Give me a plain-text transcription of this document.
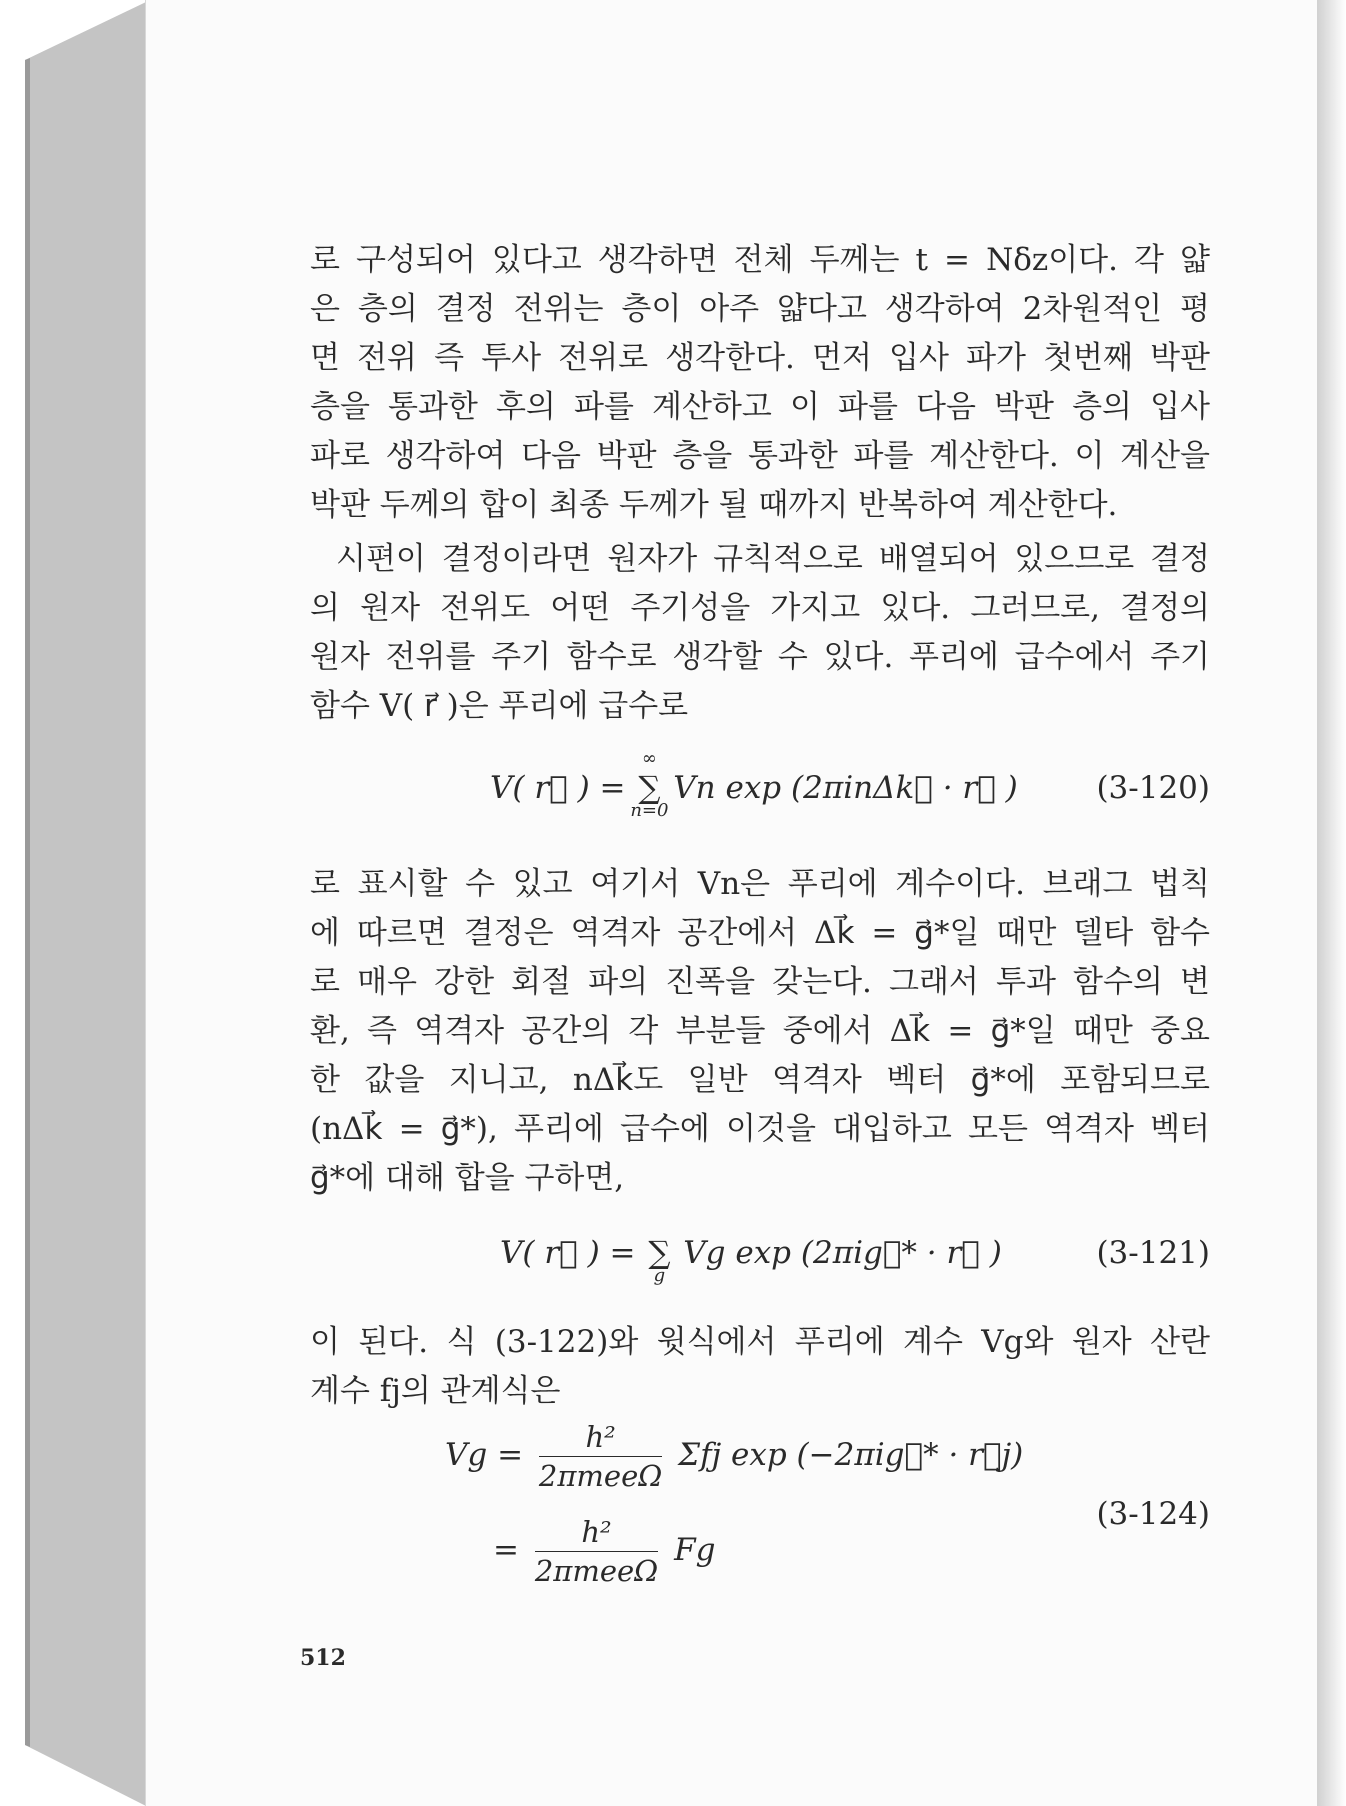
로 구성되어 있다고 생각하면 전체 두께는 t = Nδz이다. 각 얇
은 층의 결정 전위는 층이 아주 얇다고 생각하여 2차원적인 평
면 전위 즉 투사 전위로 생각한다. 먼저 입사 파가 첫번째 박판
층을 통과한 후의 파를 계산하고 이 파를 다음 박판 층의 입사
파로 생각하여 다음 박판 층을 통과한 파를 계산한다. 이 계산을
박판 두께의 합이 최종 두께가 될 때까지 반복하여 계산한다.
시편이 결정이라면 원자가 규칙적으로 배열되어 있으므로 결정
의 원자 전위도 어떤 주기성을 가지고 있다. 그러므로, 결정의
원자 전위를 주기 함수로 생각할 수 있다. 푸리에 급수에서 주기
함수 V( r⃗ )은 푸리에 급수로
V( r⃗ ) = ∑
∞
n=0
Vn exp (2πinΔk⃗ · r⃗ )	(3-120)
로 표시할 수 있고 여기서 Vn은 푸리에 계수이다. 브래그 법칙
에 따르면 결정은 역격자 공간에서 Δk⃗ = g⃗*일 때만 델타 함수
로 매우 강한 회절 파의 진폭을 갖는다. 그래서 투과 함수의 변
환, 즉 역격자 공간의 각 부분들 중에서 Δk⃗ = g⃗*일 때만 중요
한 값을 지니고, nΔk⃗도 일반 역격자 벡터 g⃗*에 포함되므로
(nΔk⃗ = g⃗*), 푸리에 급수에 이것을 대입하고 모든 역격자 벡터
g⃗*에 대해 합을 구하면,
V( r⃗ ) = ∑
g
Vg exp (2πig⃗* · r⃗ )	(3-121)
이 된다. 식 (3-122)와 윗식에서 푸리에 계수 Vg와 원자 산란
계수 fj의 관계식은
$Vg = \frac{\text{h²}}{\text{2πmeeΩ}}$ Σfj exp (−2πig⃗* · r⃗j)
= $\frac{\text{h²}}{\text{2πmeeΩ}}$ Fg
(3-124)
512
